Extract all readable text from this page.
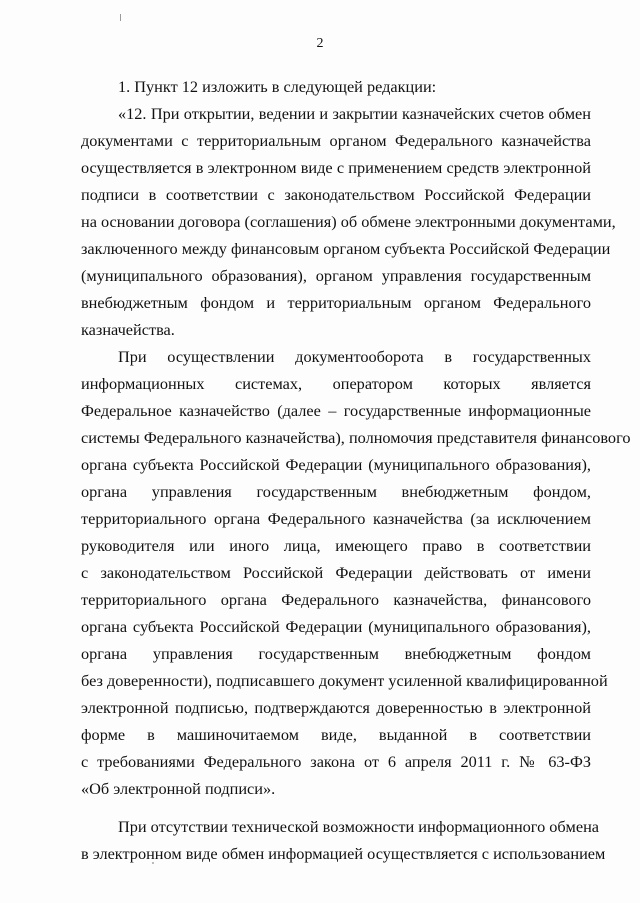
2
1. Пункт 12 изложить в следующей редакции:
«12. При открытии, ведении и закрытии казначейских счетов обмен
документами с территориальным органом Федерального казначейства
осуществляется в электронном виде с применением средств электронной
подписи в соответствии с законодательством Российской Федерации
на основании договора (соглашения) об обмене электронными документами,
заключенного между финансовым органом субъекта Российской Федерации
(муниципального образования), органом управления государственным
внебюджетным фондом и территориальным органом Федерального
казначейства.
При осуществлении документооборота в государственных
информационных системах, оператором которых является
Федеральное казначейство (далее – государственные информационные
системы Федерального казначейства), полномочия представителя финансового
органа субъекта Российской Федерации (муниципального образования),
органа управления государственным внебюджетным фондом,
территориального органа Федерального казначейства (за исключением
руководителя или иного лица, имеющего право в соответствии
с законодательством Российской Федерации действовать от имени
территориального органа Федерального казначейства, финансового
органа субъекта Российской Федерации (муниципального образования),
органа управления государственным внебюджетным фондом
без доверенности), подписавшего документ усиленной квалифицированной
электронной подписью, подтверждаются доверенностью в электронной
форме в машиночитаемом виде, выданной в соответствии
с требованиями Федерального закона от 6 апреля 2011 г. № 63-ФЗ
«Об электронной подписи».
При отсутствии технической возможности информационного обмена
в электронном виде обмен информацией осуществляется с использованием
